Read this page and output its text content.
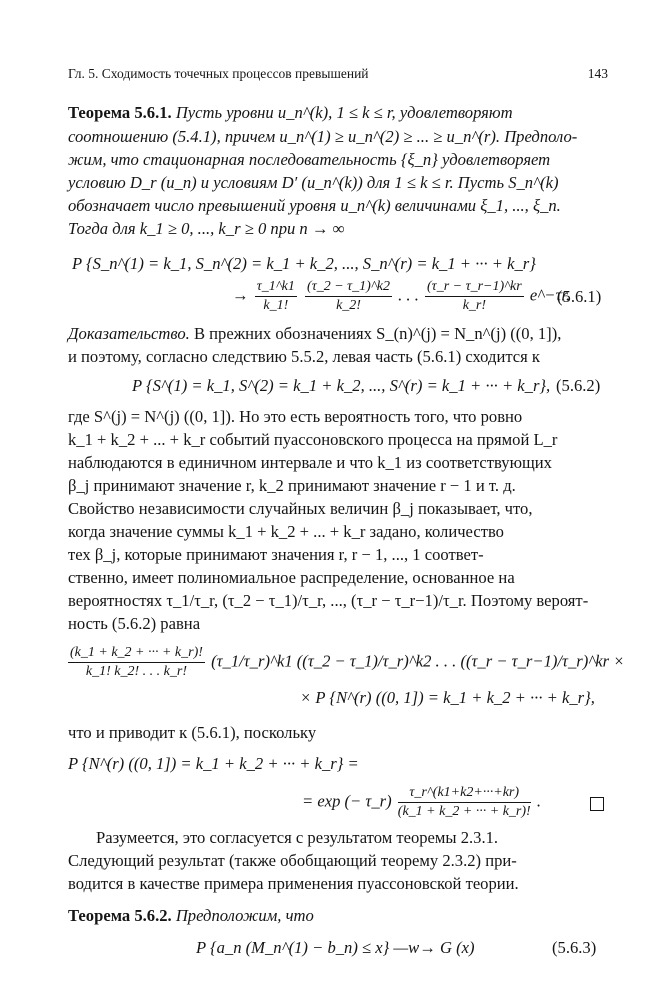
Гл. 5. Сходимость точечных процессов превышений	143
Теорема 5.6.1. Пусть уровни u_n^(k), 1 ≤ k ≤ r, удовлетворяют
соотношению (5.4.1), причем u_n^(1) ≥ u_n^(2) ≥ ... ≥ u_n^(r). Предполо-
жим, что стационарная последовательность {ξ_n} удовлетворяет
условию D_r (u_n) и условиям D′ (u_n^(k)) для 1 ≤ k ≤ r. Пусть S_n^(k)
обозначает число превышений уровня u_n^(k) величинами ξ_1, ..., ξ_n.
Тогда для k_1 ≥ 0, ..., k_r ≥ 0 при n → ∞
P {S_n^(1) = k_1, S_n^(2) = k_1 + k_2, ..., S_n^(r) = k_1 + ··· + k_r}
→ $\frac{\tau\_1\^{}k1}{k\_1!}$
$\frac{(\tau\_2 - \tau\_1)\^{}k2}{k\_2!}$ . . . $\frac{(\tau\_r - \tau\_r-1)\^{}kr}{k\_r!}$ e^−τr.
(5.6.1)
Доказательство. В прежних обозначениях S_(n)^(j) = N_n^(j) ((0, 1]),
и поэтому, согласно следствию 5.5.2, левая часть (5.6.1) сходится к
P {S^(1) = k_1, S^(2) = k_1 + k_2, ..., S^(r) = k_1 + ··· + k_r}, (5.6.2)
где S^(j) = N^(j) ((0, 1]). Но это есть вероятность того, что ровно
k_1 + k_2 + ... + k_r событий пуассоновского процесса на прямой L_r
наблюдаются в единичном интервале и что k_1 из соответствующих
β_j принимают значение r, k_2 принимают значение r − 1 и т. д.
Свойство независимости случайных величин β_j показывает, что,
когда значение суммы k_1 + k_2 + ... + k_r задано, количество
тех β_j, которые принимают значения r, r − 1, ..., 1 соответ-
ственно, имеет полиномиальное распределение, основанное на
вероятностях τ_1/τ_r, (τ_2 − τ_1)/τ_r, ..., (τ_r − τ_r−1)/τ_r. Поэтому вероят-
ность (5.6.2) равна
$\frac{(k\_1 + k\_2 + \cdot\cdot\cdot + k\_r)!}{k\_1! k\_2! . . . k\_r!}$ (τ_1/τ_r)^k1 ((τ_2 − τ_1)/τ_r)^k2 . . . ((τ_r − τ_r−1)/τ_r)^kr ×
× P {N^(r) ((0, 1]) = k_1 + k_2 + ··· + k_r},
что и приводит к (5.6.1), поскольку
P {N^(r) ((0, 1]) = k_1 + k_2 + ··· + k_r} =
= exp (− τ_r) $\frac{\tau\_r\^{}(k1+k2+\cdot\cdot\cdot+kr)}{(k\_1 + k\_2 + \cdot\cdot\cdot + k\_r)!}$ .
Разумеется, это согласуется с результатом теоремы 2.3.1.
Следующий результат (также обобщающий теорему 2.3.2) при-
водится в качестве примера применения пуассоновской теории.
Теорема 5.6.2. Предположим, что
P {a_n (M_n^(1) − b_n) ≤ x} —w→ G (x)	(5.6.3)
